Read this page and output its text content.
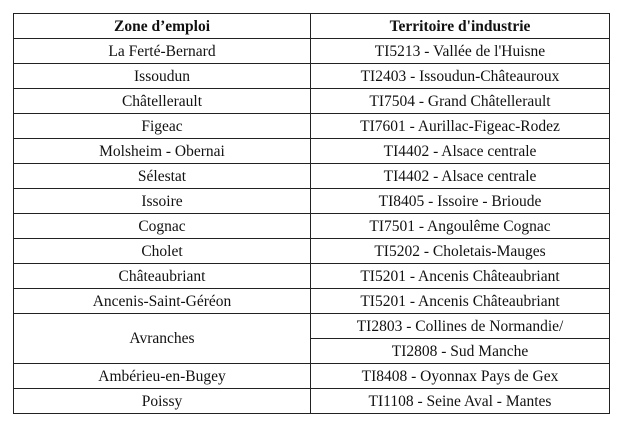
Zone d’emploi	Territoire d'industrie
La Ferté-Bernard	TI5213 - Vallée de l'Huisne
Issoudun	TI2403 - Issoudun-Châteauroux
Châtellerault	TI7504 - Grand Châtellerault
Figeac	TI7601 - Aurillac-Figeac-Rodez
Molsheim - Obernai	TI4402 - Alsace centrale
Sélestat	TI4402 - Alsace centrale
Issoire	TI8405 - Issoire - Brioude
Cognac	TI7501 - Angoulême Cognac
Cholet	TI5202 - Choletais-Mauges
Châteaubriant	TI5201 - Ancenis Châteaubriant
Ancenis-Saint-Géréon	TI5201 - Ancenis Châteaubriant
Avranches	TI2803 - Collines de Normandie/
	TI2808 - Sud Manche
Ambérieu-en-Bugey	TI8408 - Oyonnax Pays de Gex
Poissy	TI1108 - Seine Aval - Mantes
